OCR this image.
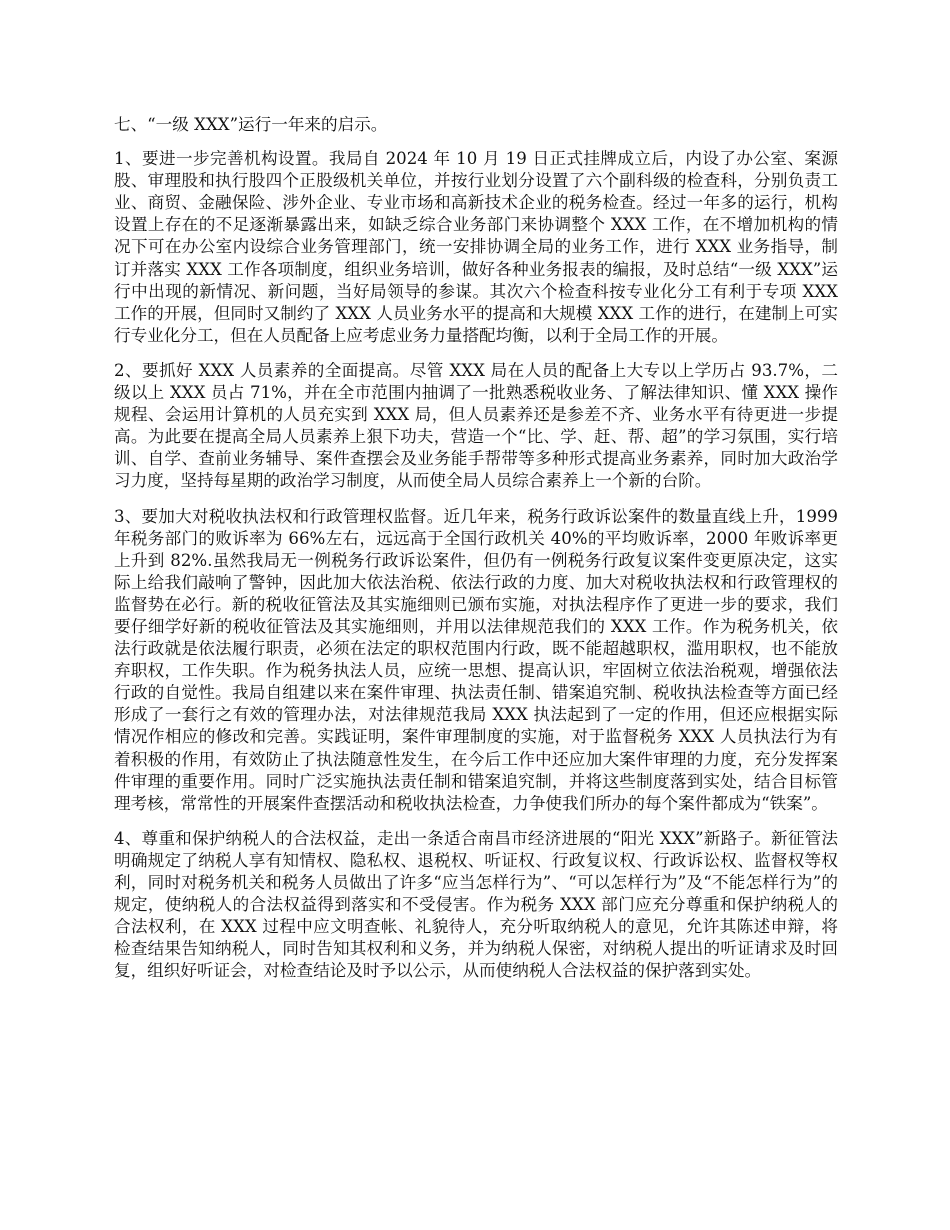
七、“一级 XXX”运行一年来的启示。

1、要进一步完善机构设置。我局自 2024 年 10 月 19 日正式挂牌成立后，内设了办公室、案源股、审理股和执行股四个正股级机关单位，并按行业划分设置了六个副科级的检查科，分别负责工业、商贸、金融保险、涉外企业、专业市场和高新技术企业的税务检查。经过一年多的运行，机构设置上存在的不足逐渐暴露出来，如缺乏综合业务部门来协调整个 XXX 工作，在不增加机构的情况下可在办公室内设综合业务管理部门，统一安排协调全局的业务工作，进行 XXX 业务指导，制订并落实 XXX 工作各项制度，组织业务培训，做好各种业务报表的编报，及时总结“一级 XXX”运行中出现的新情况、新问题，当好局领导的参谋。其次六个检查科按专业化分工有利于专项 XXX 工作的开展，但同时又制约了 XXX 人员业务水平的提高和大规模 XXX 工作的进行，在建制上可实行专业化分工，但在人员配备上应考虑业务力量搭配均衡，以利于全局工作的开展。

2、要抓好 XXX 人员素养的全面提高。尽管 XXX 局在人员的配备上大专以上学历占 93.7%，二级以上 XXX 员占 71%，并在全市范围内抽调了一批熟悉税收业务、了解法律知识、懂 XXX 操作规程、会运用计算机的人员充实到 XXX 局，但人员素养还是参差不齐、业务水平有待更进一步提高。为此要在提高全局人员素养上狠下功夫，营造一个“比、学、赶、帮、超”的学习氛围，实行培训、自学、查前业务辅导、案件查摆会及业务能手帮带等多种形式提高业务素养，同时加大政治学习力度，坚持每星期的政治学习制度，从而使全局人员综合素养上一个新的台阶。

3、要加大对税收执法权和行政管理权监督。近几年来，税务行政诉讼案件的数量直线上升，1999 年税务部门的败诉率为 66%左右，远远高于全国行政机关 40%的平均败诉率，2000 年败诉率更上升到 82%.虽然我局无一例税务行政诉讼案件，但仍有一例税务行政复议案件变更原决定，这实际上给我们敲响了警钟，因此加大依法治税、依法行政的力度、加大对税收执法权和行政管理权的监督势在必行。新的税收征管法及其实施细则已颁布实施，对执法程序作了更进一步的要求，我们要仔细学好新的税收征管法及其实施细则，并用以法律规范我们的 XXX 工作。作为税务机关，依法行政就是依法履行职责，必须在法定的职权范围内行政，既不能超越职权，滥用职权，也不能放弃职权，工作失职。作为税务执法人员，应统一思想、提高认识，牢固树立依法治税观，增强依法行政的自觉性。我局自组建以来在案件审理、执法责任制、错案追究制、税收执法检查等方面已经形成了一套行之有效的管理办法，对法律规范我局 XXX 执法起到了一定的作用，但还应根据实际情况作相应的修改和完善。实践证明，案件审理制度的实施，对于监督税务 XXX 人员执法行为有着积极的作用，有效防止了执法随意性发生，在今后工作中还应加大案件审理的力度，充分发挥案件审理的重要作用。同时广泛实施执法责任制和错案追究制，并将这些制度落到实处，结合目标管理考核，常常性的开展案件查摆活动和税收执法检查，力争使我们所办的每个案件都成为“铁案”。

4、尊重和保护纳税人的合法权益，走出一条适合南昌市经济进展的“阳光 XXX”新路子。新征管法明确规定了纳税人享有知情权、隐私权、退税权、听证权、行政复议权、行政诉讼权、监督权等权利，同时对税务机关和税务人员做出了许多“应当怎样行为”、“可以怎样行为”及“不能怎样行为”的规定，使纳税人的合法权益得到落实和不受侵害。作为税务 XXX 部门应充分尊重和保护纳税人的合法权利，在 XXX 过程中应文明查帐、礼貌待人，充分听取纳税人的意见，允许其陈述申辩，将检查结果告知纳税人，同时告知其权利和义务，并为纳税人保密，对纳税人提出的听证请求及时回复，组织好听证会，对检查结论及时予以公示，从而使纳税人合法权益的保护落到实处。
